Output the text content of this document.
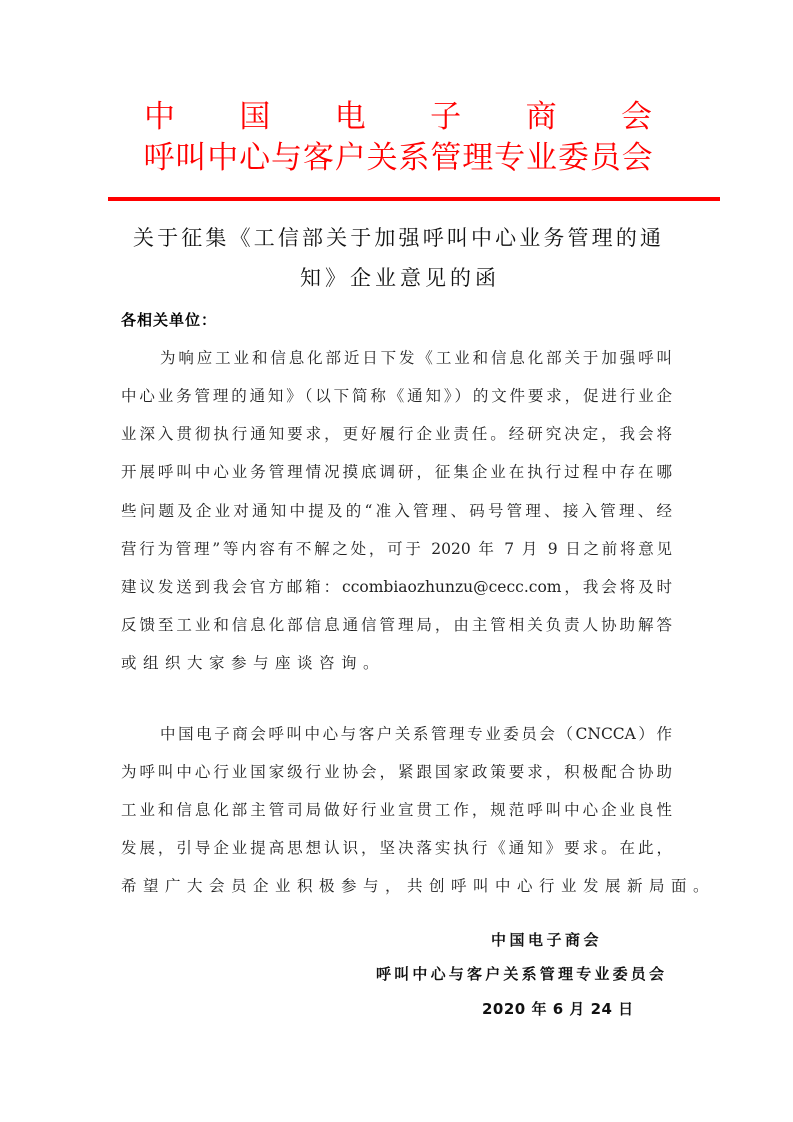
中 国 电 子 商 会
呼 叫 中 心 与 客 户 关 系 管 理 专 业 委 员 会
关 于 征 集 《 工 信 部 关 于 加 强 呼 叫 中 心 业 务 管 理 的 通
知 》 企 业 意 见 的 函
各相关单位：
为响应工业和信息化部近日下发《工业和信息化部关于加强呼叫
中心业务管理的通知》（以下简称《通知》）的文件要求，促进行业企
业深入贯彻执行通知要求，更好履行企业责任。经研究决定，我会将
开展呼叫中心业务管理情况摸底调研，征集企业在执行过程中存在哪
些问题及企业对通知中提及的“准入管理、码号管理、接入管理、经
营行为管理”等内容有不解之处，可于 2020 年 7 月 9 日之前将意见
建议发送到我会官方邮箱：ccombiaozhunzu@cecc.com，我会将及时
反馈至工业和信息化部信息通信管理局，由主管相关负责人协助解答
或组织大家参与座谈咨询。
中国电子商会呼叫中心与客户关系管理专业委员会（CNCCA）作
为呼叫中心行业国家级行业协会，紧跟国家政策要求，积极配合协助
工业和信息化部主管司局做好行业宣贯工作，规范呼叫中心企业良性
发展，引导企业提高思想认识，坚决落实执行《通知》要求。在此，
希望广大会员企业积极参与，共创呼叫中心行业发展新局面。
中国电子商会
呼叫中心与客户关系管理专业委员会
2020 年 6 月 24 日
